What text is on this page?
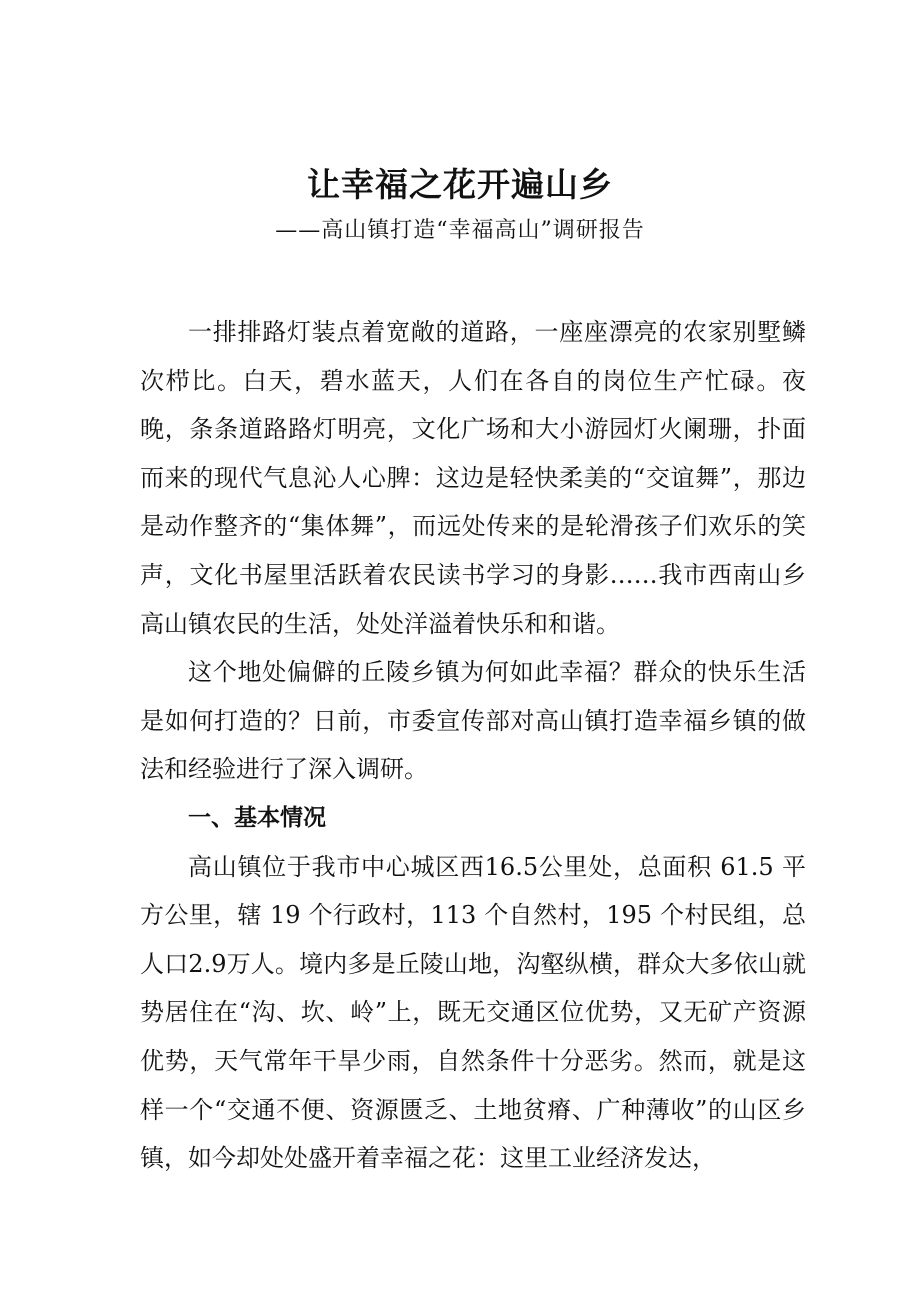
让幸福之花开遍山乡
——高山镇打造“幸福高山”调研报告

一排排路灯装点着宽敞的道路，一座座漂亮的农家别墅鳞次栉比。白天，碧水蓝天，人们在各自的岗位生产忙碌。夜晚，条条道路路灯明亮，文化广场和大小游园灯火阑珊，扑面而来的现代气息沁人心脾：这边是轻快柔美的“交谊舞”，那边是动作整齐的“集体舞”，而远处传来的是轮滑孩子们欢乐的笑声，文化书屋里活跃着农民读书学习的身影……我市西南山乡高山镇农民的生活，处处洋溢着快乐和和谐。

这个地处偏僻的丘陵乡镇为何如此幸福？群众的快乐生活是如何打造的？日前，市委宣传部对高山镇打造幸福乡镇的做法和经验进行了深入调研。

一、基本情况

高山镇位于我市中心城区西16.5公里处，总面积 61.5 平方公里，辖 19 个行政村，113 个自然村，195 个村民组，总人口2.9万人。境内多是丘陵山地，沟壑纵横，群众大多依山就势居住在“沟、坎、岭”上，既无交通区位优势，又无矿产资源优势，天气常年干旱少雨，自然条件十分恶劣。然而，就是这样一个“交通不便、资源匮乏、土地贫瘠、广种薄收”的山区乡镇，如今却处处盛开着幸福之花：这里工业经济发达，
